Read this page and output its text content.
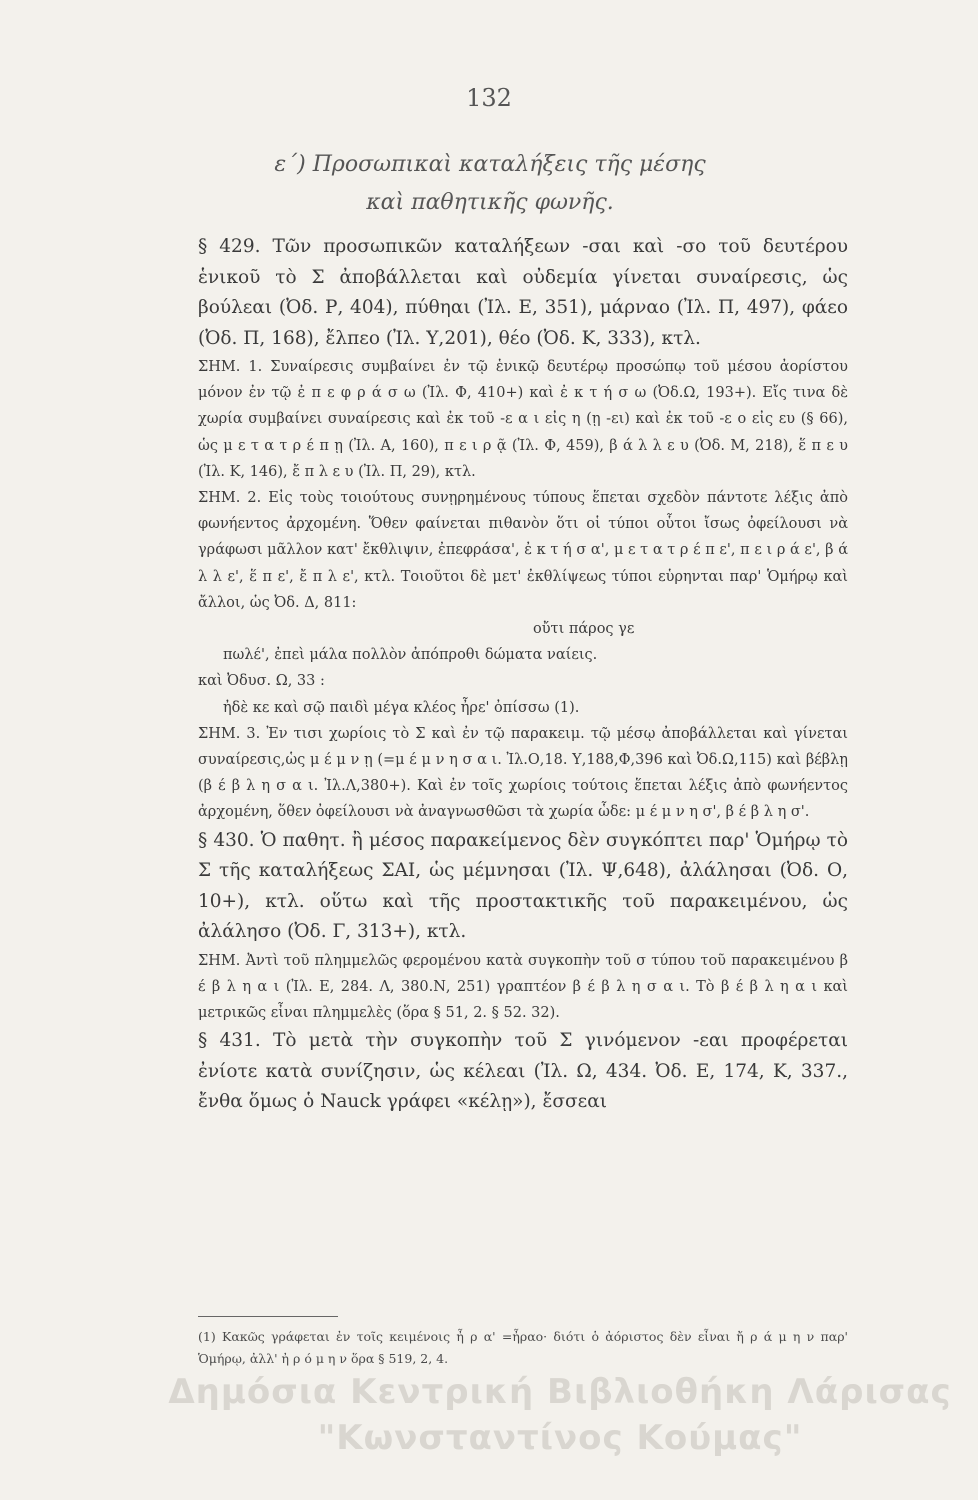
132
ε΄) Προσωπικαὶ καταλήξεις τῆς μέσης
καὶ παθητικῆς φωνῆς.

§ 429. Τῶν προσωπικῶν καταλήξεων -σαι καὶ -σο τοῦ δευτέρου ἑνικοῦ τὸ Σ ἀποβάλλεται καὶ οὐδεμία γίνεται συναίρεσις, ὡς βούλεαι (Ὀδ. Ρ, 404), πύθηαι (Ἰλ. Ε, 351), μάρναο (Ἰλ. Π, 497), φάεο (Ὀδ. Π, 168), ἔλπεο (Ἰλ. Υ,201), θέο (Ὀδ. Κ, 333), κτλ.

ΣΗΜ. 1. Συναίρεσις συμβαίνει ἐν τῷ ἑνικῷ δευτέρῳ προσώπῳ τοῦ μέσου ἀορίστου μόνον ἐν τῷ ἐ π ε φ ρ ά σ ω (Ἰλ. Φ, 410+) καὶ ἐ κ τ ή σ ω (Ὀδ.Ω, 193+). Εἴς τινα δὲ χωρία συμβαίνει συναίρεσις καὶ ἐκ τοῦ -ε α ι εἰς η (ῃ -ει) καὶ ἐκ τοῦ -ε ο εἰς ευ (§ 66), ὡς μ ε τ α τ ρ έ π ῃ (Ἰλ. Α, 160), π ε ι ρ ᾷ (Ἰλ. Φ, 459), β ά λ λ ε υ (Ὀδ. Μ, 218), ἕ π ε υ (Ἰλ. Κ, 146), ἔ π λ ε υ (Ἰλ. Π, 29), κτλ.

ΣΗΜ. 2. Εἰς τοὺς τοιούτους συνῃρημένους τύπους ἕπεται σχεδὸν πάντοτε λέξις ἀπὸ φωνήεντος ἀρχομένη. Ὅθεν φαίνεται πιθανὸν ὅτι οἱ τύποι οὗτοι ἴσως ὀφείλουσι νὰ γράφωσι μᾶλλον κατ' ἔκθλιψιν, ἐπεφράσα', ἐ κ τ ή σ α', μ ε τ α τ ρ έ π ε', π ε ι ρ ά ε', β ά λ λ ε', ἕ π ε', ἔ π λ ε', κτλ. Τοιοῦτοι δὲ μετ' ἐκθλίψεως τύποι εὑρηνται παρ' Ὁμήρῳ καὶ ἄλλοι, ὡς Ὀδ. Δ, 811:

οὔτι πάρος γε

πωλέ', ἐπεὶ μάλα πολλὸν ἀπόπροθι δώματα ναίεις.

καὶ Ὀδυσ. Ω, 33 :

ἠδὲ κε καὶ σῷ παιδὶ μέγα κλέος ἦρε' ὀπίσσω (1).

ΣΗΜ. 3. Ἐν τισι χωρίοις τὸ Σ καὶ ἐν τῷ παρακειμ. τῷ μέσῳ ἀποβάλλεται καὶ γίνεται συναίρεσις,ὡς μ έ μ ν ῃ (=μ έ μ ν η σ α ι. Ἰλ.Ο,18. Υ,188,Φ,396 καὶ Ὀδ.Ω,115) καὶ βέβλῃ (β έ β λ η σ α ι. Ἰλ.Λ,380+). Καὶ ἐν τοῖς χωρίοις τούτοις ἕπεται λέξις ἀπὸ φωνήεντος ἀρχομένη, ὅθεν ὀφείλουσι νὰ ἀναγνωσθῶσι τὰ χωρία ὧδε: μ έ μ ν η σ', β έ β λ η σ'.

§ 430. Ὁ παθητ. ἢ μέσος παρακείμενος δὲν συγκόπτει παρ' Ὁμήρῳ τὸ Σ τῆς καταλήξεως ΣΑΙ, ὡς μέμνησαι (Ἰλ. Ψ,648), ἀλάλησαι (Ὀδ. Ο, 10+), κτλ. οὕτω καὶ τῆς προστακτικῆς τοῦ παρακειμένου, ὡς ἀλάλησο (Ὀδ. Γ, 313+), κτλ.

ΣΗΜ. Ἀντὶ τοῦ πλημμελῶς φερομένου κατὰ συγκοπὴν τοῦ σ τύπου τοῦ παρακειμένου β έ β λ η α ι (Ἰλ. Ε, 284. Λ, 380.Ν, 251) γραπτέον β έ β λ η σ α ι. Τὸ β έ β λ η α ι καὶ μετρικῶς εἶναι πλημμελὲς (ὅρα § 51, 2. § 52. 32).

§ 431. Τὸ μετὰ τὴν συγκοπὴν τοῦ Σ γινόμενον -εαι προφέρεται ἐνίοτε κατὰ συνίζησιν, ὡς κέλεαι (Ἰλ. Ω, 434. Ὀδ. Ε, 174, Κ, 337., ἔνθα ὅμως ὁ Nauck γράφει «κέλῃ»), ἔσσεαι

(1) Κακῶς γράφεται ἐν τοῖς κειμένοις ἦ ρ α' =ἦραο· διότι ὁ ἀόριστος δὲν εἶναι ἤ ρ ά μ η ν παρ' Ὁμήρῳ, ἀλλ' ἠ ρ ό μ η ν ὅρα § 519, 2, 4.
Δημόσια Κεντρική Βιβλιοθήκη Λάρισας
"Κωνσταντίνος Κούμας"
